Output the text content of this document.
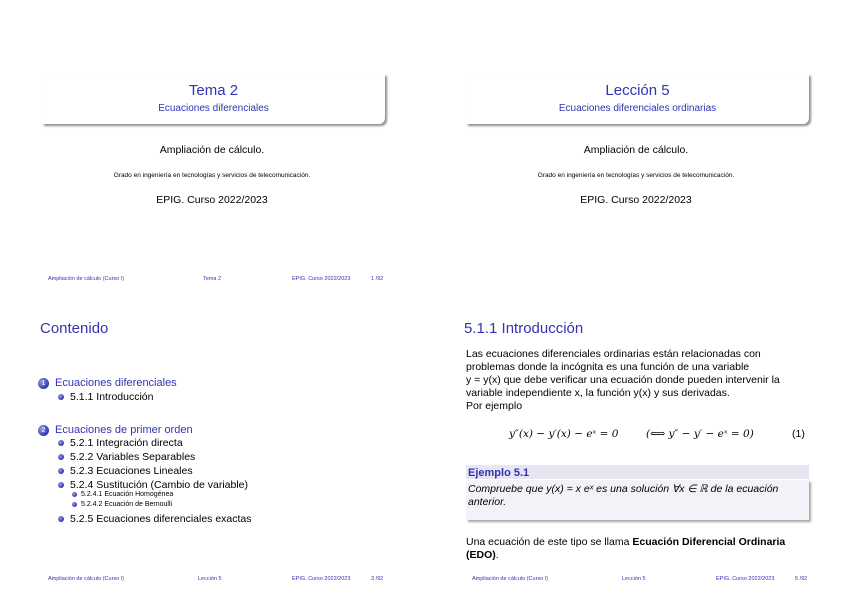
Tema 2
Ecuaciones diferenciales
Ampliación de cálculo.
Grado en ingeniería en tecnologías y servicios de telecomunicación.
EPIG. Curso 2022/2023
Ampliación de cálculo (Curso I)	Tema 2	EPIG. Curso 2022/2023	1 /92
Lección 5
Ecuaciones diferenciales ordinarias
Ampliación de cálculo.
Grado en ingeniería en tecnologías y servicios de telecomunicación.
EPIG. Curso 2022/2023
Contenido
1 Ecuaciones diferenciales
5.1.1 Introducción
2 Ecuaciones de primer orden
5.2.1 Integración directa
5.2.2 Variables Separables
5.2.3 Ecuaciones Lineales
5.2.4 Sustitución (Cambio de variable)
5.2.4.1 Ecuación Homogénea
5.2.4.2 Ecuación de Bernoulli
5.2.5 Ecuaciones diferenciales exactas
Ampliación de cálculo (Curso I)	Lección 5	EPIG. Curso 2022/2023	3 /92
5.1.1 Introducción
Las ecuaciones diferenciales ordinarias están relacionadas con
problemas donde la incógnita es una función de una variable
y = y(x) que debe verificar una ecuación donde pueden intervenir la
variable independiente x, la función y(x) y sus derivadas.
Por ejemplo
y″(x) − y′(x) − eˣ = 0	(⟺ y″ − y′ − eˣ = 0)	(1)
Ejemplo 5.1
Compruebe que y(x) = x eˣ es una solución ∀x ∈ ℝ de la ecuación
anterior.
Una ecuación de este tipo se llama Ecuación Diferencial Ordinaria
(EDO).
Ampliación de cálculo (Curso I)	Lección 5	EPIG. Curso 2022/2023	5 /92
